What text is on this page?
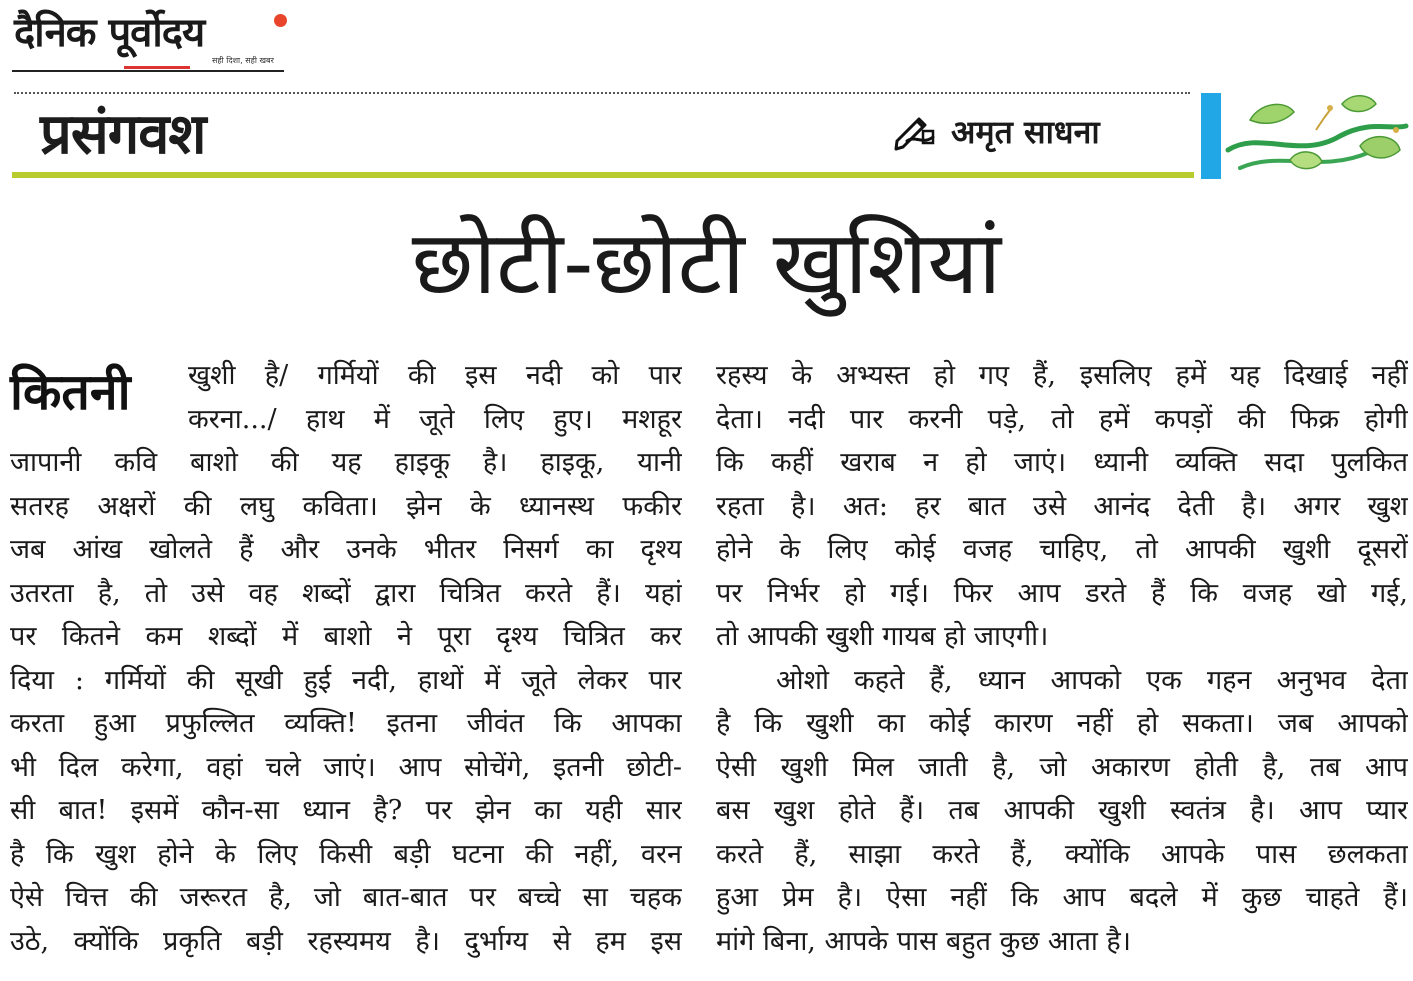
दैनिक पूर्वोदय
सही दिशा, सही खबर
प्रसंगवश	अमृत साधना
छोटी-छोटी खुशियां
कितनी खुशी है/ गर्मियों की इस नदी को पार
करना.../ हाथ में जूते लिए हुए। मशहूर
जापानी कवि बाशो की यह हाइकू है। हाइकू, यानी
सतरह अक्षरों की लघु कविता। झेन के ध्यानस्थ फकीर
जब आंख खोलते हैं और उनके भीतर निसर्ग का दृश्य
उतरता है, तो उसे वह शब्दों द्वारा चित्रित करते हैं। यहां
पर कितने कम शब्दों में बाशो ने पूरा दृश्य चित्रित कर
दिया : गर्मियों की सूखी हुई नदी, हाथों में जूते लेकर पार
करता हुआ प्रफुल्लित व्यक्ति! इतना जीवंत कि आपका
भी दिल करेगा, वहां चले जाएं। आप सोचेंगे, इतनी छोटी-
सी बात! इसमें कौन-सा ध्यान है? पर झेन का यही सार
है कि खुश होने के लिए किसी बड़ी घटना की नहीं, वरन
ऐसे चित्त की जरूरत है, जो बात-बात पर बच्चे सा चहक
उठे, क्योंकि प्रकृति बड़ी रहस्यमय है। दुर्भाग्य से हम इस
रहस्य के अभ्यस्त हो गए हैं, इसलिए हमें यह दिखाई नहीं
देता। नदी पार करनी पड़े, तो हमें कपड़ों की फिक्र होगी
कि कहीं खराब न हो जाएं। ध्यानी व्यक्ति सदा पुलकित
रहता है। अत: हर बात उसे आनंद देती है। अगर खुश
होने के लिए कोई वजह चाहिए, तो आपकी खुशी दूसरों
पर निर्भर हो गई। फिर आप डरते हैं कि वजह खो गई,
तो आपकी खुशी गायब हो जाएगी।
ओशो कहते हैं, ध्यान आपको एक गहन अनुभव देता
है कि खुशी का कोई कारण नहीं हो सकता। जब आपको
ऐसी खुशी मिल जाती है, जो अकारण होती है, तब आप
बस खुश होते हैं। तब आपकी खुशी स्वतंत्र है। आप प्यार
करते हैं, साझा करते हैं, क्योंकि आपके पास छलकता
हुआ प्रेम है। ऐसा नहीं कि आप बदले में कुछ चाहते हैं।
मांगे बिना, आपके पास बहुत कुछ आता है।
